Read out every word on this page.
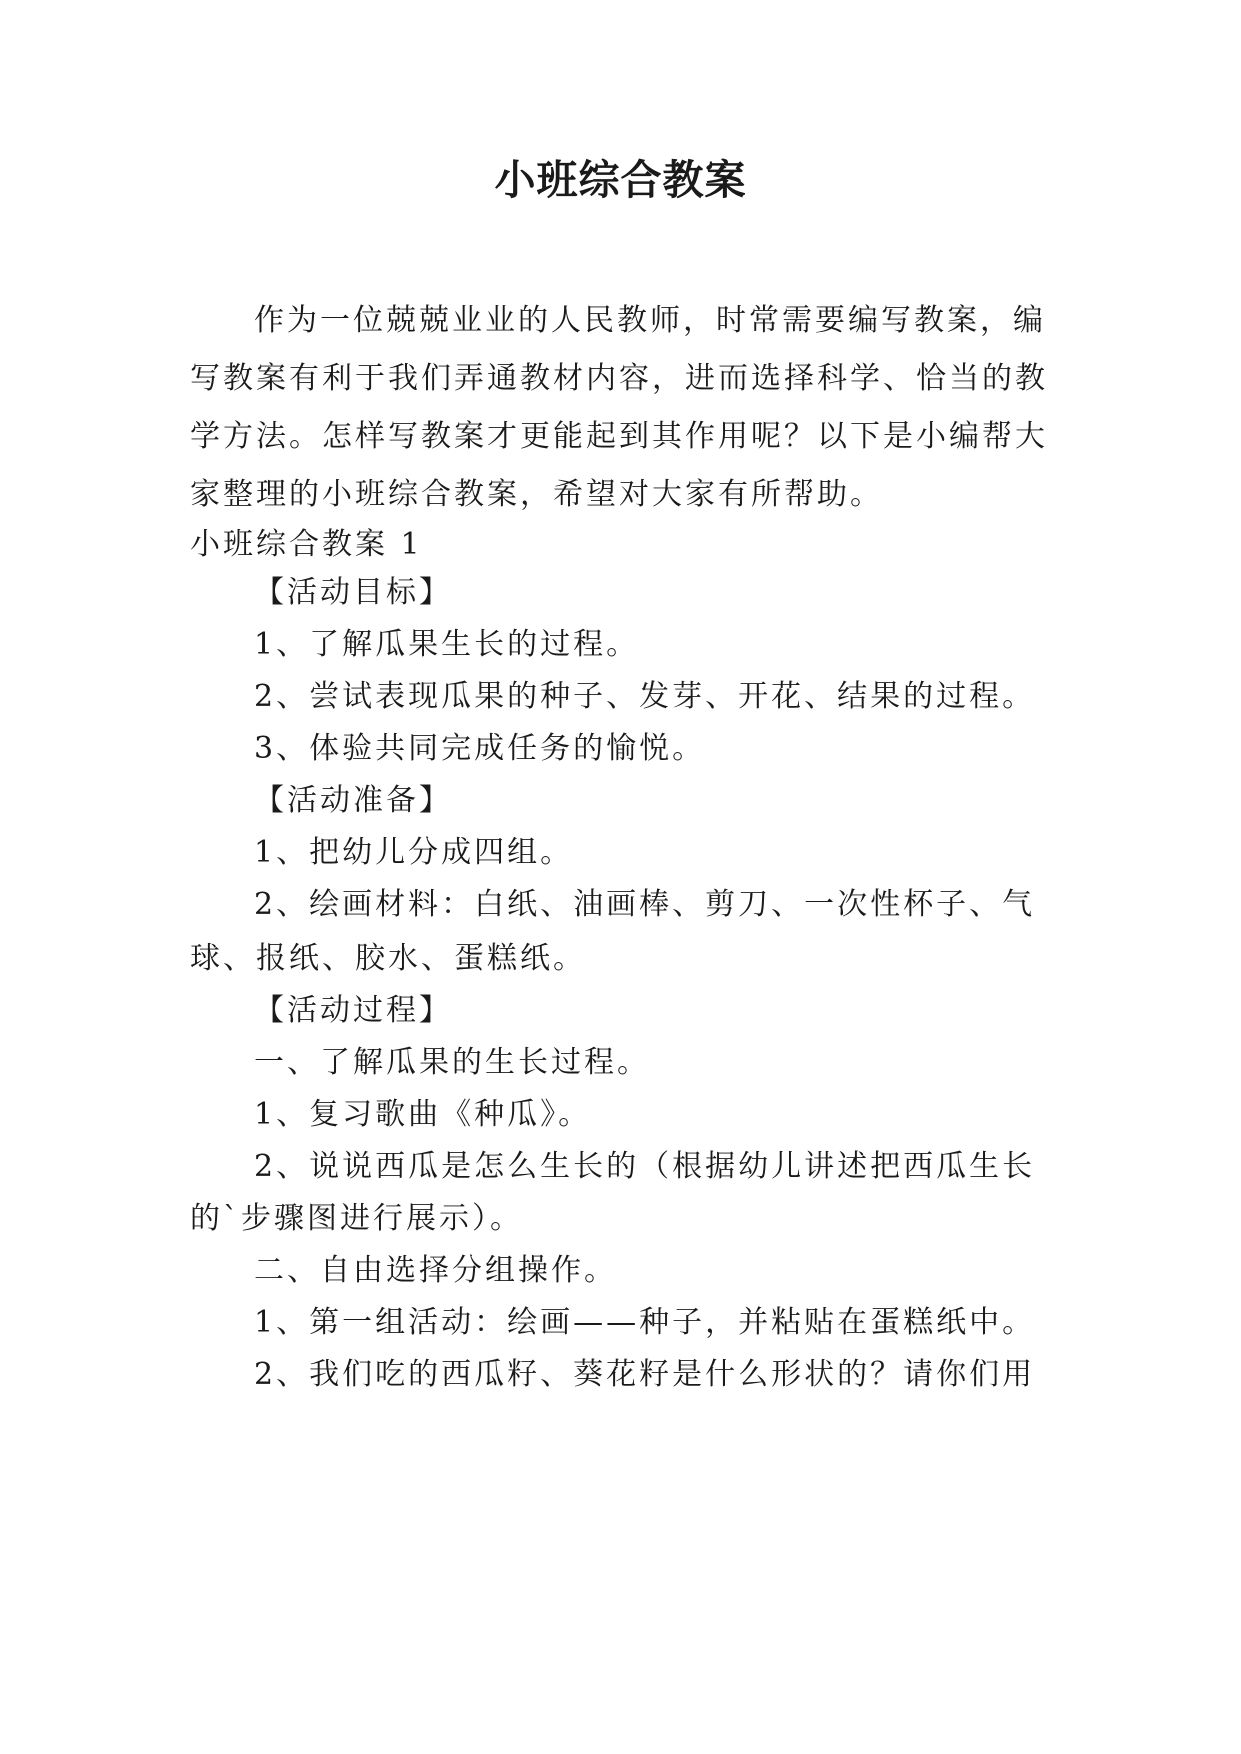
小班综合教案
作为一位兢兢业业的人民教师，时常需要编写教案，编
写教案有利于我们弄通教材内容，进而选择科学、恰当的教
学方法。怎样写教案才更能起到其作用呢？以下是小编帮大
家整理的小班综合教案，希望对大家有所帮助。
小班综合教案 1
【活动目标】
1、了解瓜果生长的过程。
2、尝试表现瓜果的种子、发芽、开花、结果的过程。
3、体验共同完成任务的愉悦。
【活动准备】
1、把幼儿分成四组。
2、绘画材料：白纸、油画棒、剪刀、一次性杯子、气
球、报纸、胶水、蛋糕纸。
【活动过程】
一、了解瓜果的生长过程。
1、复习歌曲《种瓜》。
2、说说西瓜是怎么生长的（根据幼儿讲述把西瓜生长
的`步骤图进行展示）。
二、自由选择分组操作。
1、第一组活动：绘画——种子，并粘贴在蛋糕纸中。
2、我们吃的西瓜籽、葵花籽是什么形状的？请你们用
